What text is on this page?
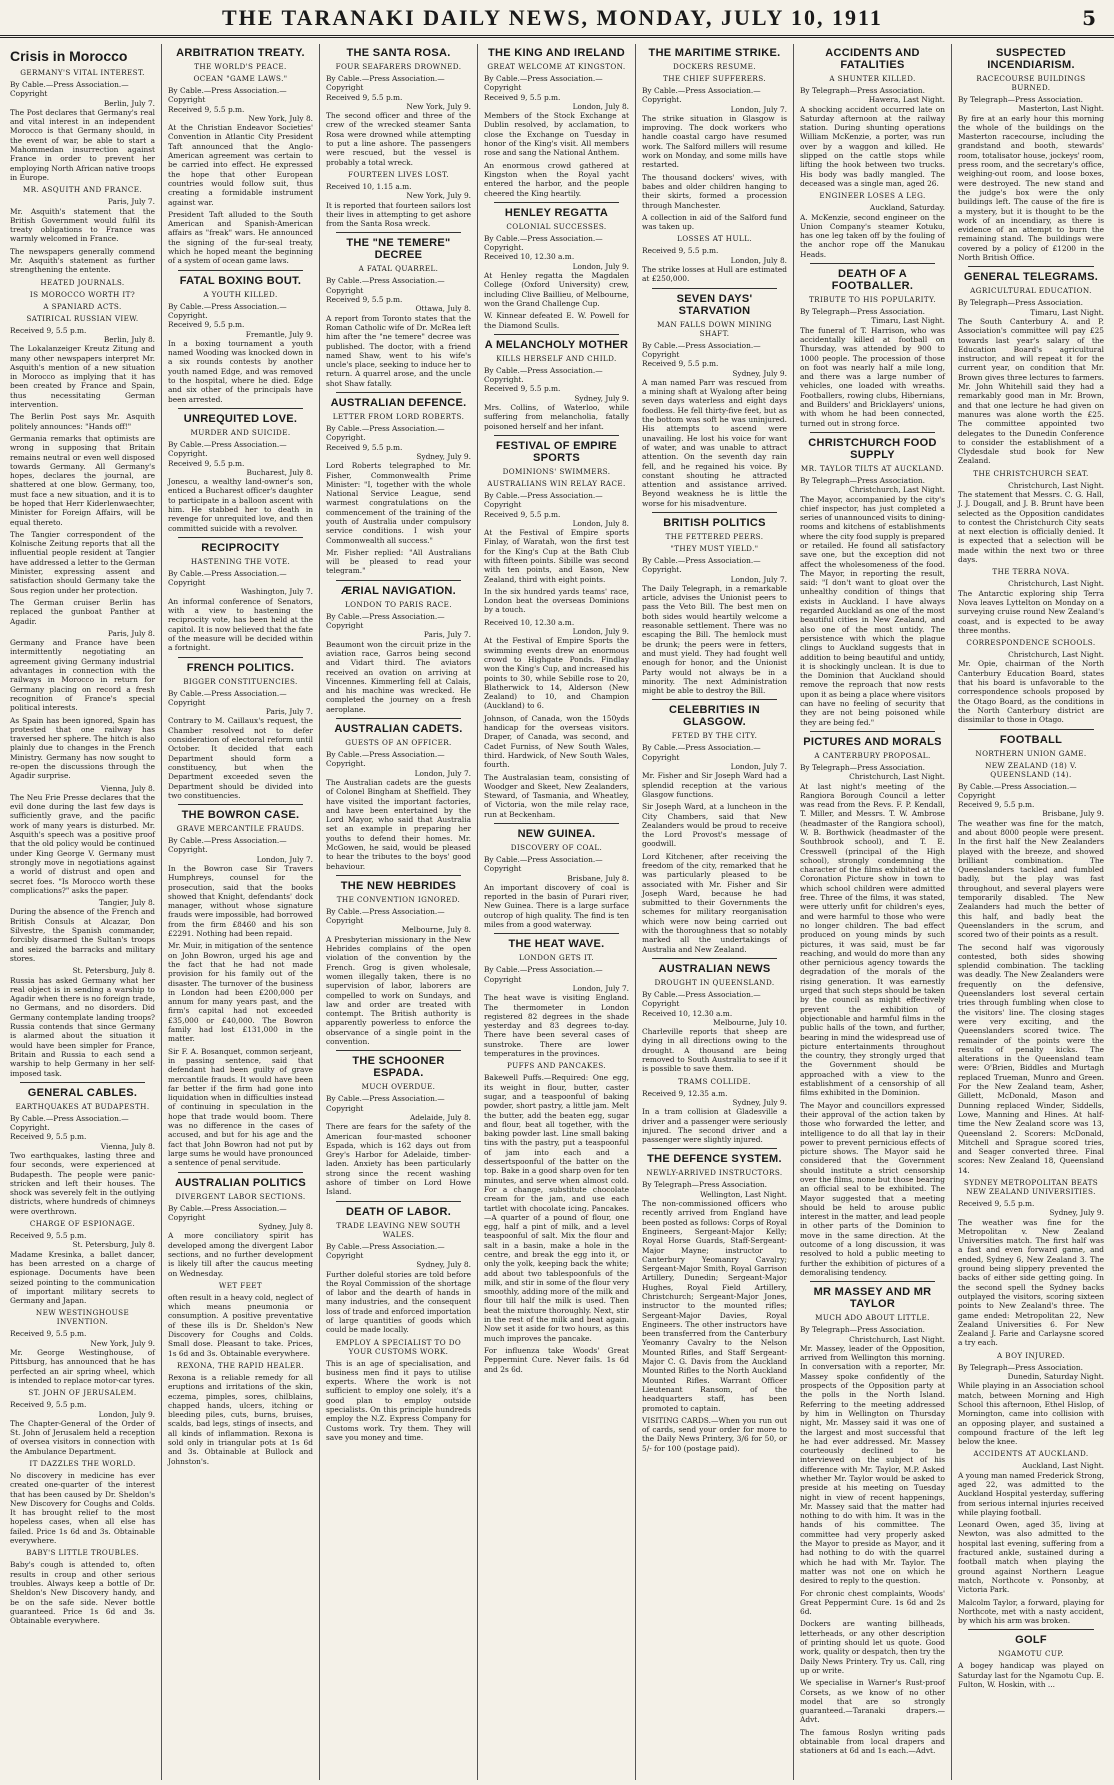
THE TARANAKI DAILY NEWS, MONDAY, JULY 10, 1911	5
Crisis in Morocco
GERMANY'S VITAL INTEREST.
By Cable.—Press Association.—Copyright
Berlin, July 7.
The Post declares that Germany's real and vital interest in an independent Morocco is that Germany should, in the event of war, be able to start a Mahommedan insurrection against France in order to prevent her employing North African native troops in Europe.
MR. ASQUITH AND FRANCE.
Paris, July 7.
Mr. Asquith's statement that the British Government would fulfil its treaty obligations to France was warmly welcomed in France.
The newspapers generally commend Mr. Asquith's statement as further strengthening the entente.
HEATED JOURNALS.
IS MOROCCO WORTH IT?
A SPANIARD ACTS.
SATIRICAL RUSSIAN VIEW.
Received 9, 5.5 p.m.
Berlin, July 8.
The Lokalanzeiger Kreutz Zitung and many other newspapers interpret Mr. Asquith's mention of a new situation in Morocco as implying that it has been created by France and Spain, thus necessitating German intervention.
The Berlin Post says Mr. Asquith politely announces: "Hands off!"
Germania remarks that optimists are wrong in supposing that Britain remains neutral or even well disposed towards Germany. All Germany's hopes, declares the journal, are shattered at one blow. Germany, too, must face a new situation, and it is to be hoped that Herr Kiderlenwaechter, Minister for Foreign Affairs, will be equal thereto.
The Tangier correspondent of the Kolnische Zeitung reports that all the influential people resident at Tangier have addressed a letter to the German Minister, expressing assent and satisfaction should Germany take the Sous region under her protection.
The German cruiser Berlin has replaced the gunboat Panther at Agadir.
Paris, July 8.
Germany and France have been intermittently negotiating an agreement giving Germany industrial advantages in connection with the railways in Morocco in return for Germany placing on record a fresh recognition of France's special political interests.
As Spain has been ignored, Spain has protested that one railway has traversed her sphere. The hitch is also plainly due to changes in the French Ministry. Germany has now sought to re-open the discussions through the Agadir surprise.
Vienna, July 8.
The Neu Frie Presse declares that the evil done during the last few days is sufficiently grave, and the pacific work of many years is disturbed. Mr. Asquith's speech was a positive proof that the old policy would be continued under King George V. Germany must strongly move in negotiations against a world of distrust and open and secret foes. "Is Morocco worth these complications?" asks the paper.
Tangier, July 8.
During the absence of the French and British Consuls at Alcazar, Don Silvestre, the Spanish commander, forcibly disarmed the Sultan's troops and seized the barracks and military stores.
St. Petersburg, July 8.
Russia has asked Germany what her real object is in sending a warship to Agadir when there is no foreign trade, no Germans, and no disorders. Did Germany contemplate landing troops? Russia contends that since Germany is alarmed about the situation it would have been simpler for France, Britain and Russia to each send a warship to help Germany in her self-imposed task.
GENERAL CABLES.
EARTHQUAKES AT BUDAPESTH.
By Cable.—Press Association.—Copyright.
Received 9, 5.5 p.m.
Vienna, July 8.
Two earthquakes, lasting three and four seconds, were experienced at Budapesth. The people were panic-stricken and left their houses. The shock was severely felt in the outlying districts, where hundreds of chimneys were overthrown.
CHARGE OF ESPIONAGE.
Received 9, 5.5 p.m.
St. Petersburg, July 8.
Madame Kresinka, a ballet dancer, has been arrested on a charge of espionage. Documents have been seized pointing to the communication of important military secrets to Germany and Japan.
NEW WESTINGHOUSE INVENTION.
Received 9, 5.5 p.m.
New York, July 9.
Mr. George Westinghouse, of Pittsburg, has announced that he has perfected an air spring wheel, which is intended to replace motor-car tyres.
ST. JOHN OF JERUSALEM.
Received 9, 5.5 p.m.
London, July 9.
The Chapter-General of the Order of St. John of Jerusalem held a reception of oversea visitors in connection with the Ambulance Department.
IT DAZZLES THE WORLD.
No discovery in medicine has ever created one-quarter of the interest that has been caused by Dr. Sheldon's New Discovery for Coughs and Colds. It has brought relief to the most hopeless cases, when all else has failed. Price 1s 6d and 3s. Obtainable everywhere.
BABY'S LITTLE TROUBLES.
Baby's cough is attended to, often results in croup and other serious troubles. Always keep a bottle of Dr. Sheldon's New Discovery handy, and be on the safe side. Never bottle guaranteed. Price 1s 6d and 3s. Obtainable everywhere.
ARBITRATION TREATY.
THE WORLD'S PEACE.
OCEAN "GAME LAWS."
By Cable.—Press Association.—Copyright
Received 9, 5.5 p.m.
New York, July 8.
At the Christian Endeavor Societies' Convention in Atlantic City President Taft announced that the Anglo-American agreement was certain to be carried into effect. He expressed the hope that other European countries would follow suit, thus creating a formidable instrument against war.
President Taft alluded to the South American and Spanish-American affairs as "freak" wars. He announced the signing of the fur-seal treaty, which he hoped meant the beginning of a system of ocean game laws.
FATAL BOXING BOUT.
A YOUTH KILLED.
By Cable.—Press Association.—Copyright.
Received 9, 5.5 p.m.
Fremantle, July 9.
In a boxing tournament a youth named Wooding was knocked down in a six rounds contests by another youth named Edge, and was removed to the hospital, where he died. Edge and six other of the principals have been arrested.
UNREQUITED LOVE.
MURDER AND SUICIDE.
By Cable.—Press Association.—Copyright.
Received 9, 5.5 p.m.
Bucharest, July 8.
Jonescu, a wealthy land-owner's son, enticed a Bucharest officer's daughter to participate in a balloon ascent with him. He stabbed her to death in revenge for unrequited love, and then committed suicide with a revolver.
RECIPROCITY
HASTENING THE VOTE.
By Cable.—Press Association.—Copyright
Washington, July 7.
An informal conference of Senators, with a view to hastening the reciprocity vote, has been held at the capitol. It is now believed that the fate of the measure will be decided within a fortnight.
FRENCH POLITICS.
BIGGER CONSTITUENCIES.
By Cable.—Press Association.—Copyright
Paris, July 7.
Contrary to M. Caillaux's request, the Chamber resolved not to defer consideration of electoral reform until October. It decided that each Department should form a constituency, but when the Department exceeded seven the Department should be divided into two constituencies.
THE BOWRON CASE.
GRAVE MERCANTILE FRAUDS.
By Cable.—Press Association.—Copyright.
London, July 7.
In the Bowron case Sir Travers Humphreys, counsel for the prosecution, said that the books showed that Knight, defendants' dock manager, without whose signature frauds were impossible, had borrowed from the firm £8460 and his son £2291. Nothing had been repaid.
Mr. Muir, in mitigation of the sentence on John Bowron, urged his age and the fact that he had not made provision for his family out of the disaster. The turnover of the business in London had been £200,000 per annum for many years past, and the firm's capital had not exceeded £35,000 or £40,000. The Bowron family had lost £131,000 in the matter.
Sir F. A. Bosanquet, common serjeant, in passing sentence, said that defendant had been guilty of grave mercantile frauds. It would have been far better if the firm had gone into liquidation when in difficulties instead of continuing in speculation in the hope that trade would boom. There was no difference in the cases of accused, and but for his age and the fact that John Bowron had not put by large sums he would have pronounced a sentence of penal servitude.
AUSTRALIAN POLITICS
DIVERGENT LABOR SECTIONS.
By Cable.—Press Association.—Copyright
Sydney, July 8.
A more conciliatory spirit has developed among the divergent Labor sections, and no further development is likely till after the caucus meeting on Wednesday.
WET FEET
often result in a heavy cold, neglect of which means pneumonia or consumption. A positive preventative of these ills is Dr. Sheldon's New Discovery for Coughs and Colds. Small dose. Pleasant to take. Prices, 1s 6d and 3s. Obtainable everywhere.
REXONA, THE RAPID HEALER.
Rexona is a reliable remedy for all eruptions and irritations of the skin, eczema, pimples, sores, chilblains, chapped hands, ulcers, itching or bleeding piles, cuts, burns, bruises, scalds, bad legs, stings of insects, and all kinds of inflammation. Rexona is sold only in triangular pots at 1s 6d and 3s. Obtainable at Bullock and Johnston's.
THE SANTA ROSA.
FOUR SEAFARERS DROWNED.
By Cable.—Press Association.—Copyright
Received 9, 5.5 p.m.
New York, July 9.
The second officer and three of the crew of the wrecked steamer Santa Rosa were drowned while attempting to put a line ashore. The passengers were rescued, but the vessel is probably a total wreck.
FOURTEEN LIVES LOST.
Received 10, 1.15 a.m.
New York, July 9.
It is reported that fourteen sailors lost their lives in attempting to get ashore from the Santa Rosa wreck.
THE "NE TEMERE" DECREE
A FATAL QUARREL.
By Cable.—Press Association.—Copyright
Received 9, 5.5 p.m.
Ottawa, July 8.
A report from Toronto states that the Roman Catholic wife of Dr. McRea left him after the "ne temere" decree was published. The doctor, with a friend named Shaw, went to his wife's uncle's place, seeking to induce her to return. A quarrel arose, and the uncle shot Shaw fatally.
AUSTRALIAN DEFENCE.
LETTER FROM LORD ROBERTS.
By Cable.—Press Association.—Copyright.
Received 9, 5.5 p.m.
Sydney, July 9.
Lord Roberts telegraphed to Mr. Fisher, Commonwealth Prime Minister: "I, together with the whole National Service League, send warmest congratulations on the commencement of the training of the youth of Australia under compulsory service conditions. I wish your Commonwealth all success."
Mr. Fisher replied: "All Australians will be pleased to read your telegram."
ÆRIAL NAVIGATION.
LONDON TO PARIS RACE.
By Cable.—Press Association.—Copyright
Paris, July 7.
Beaumont won the circuit prize in the aviation race, Garros being second and Vidart third. The aviators received an ovation on arriving at Vincennes. Kimmerling fell at Calais, and his machine was wrecked. He completed the journey on a fresh aeroplane.
AUSTRALIAN CADETS.
GUESTS OF AN OFFICER.
By Cable.—Press Association.—Copyright.
London, July 7.
The Australian cadets are the guests of Colonel Bingham at Sheffield. They have visited the important factories, and have been entertained by the Lord Mayor, who said that Australia set an example in preparing her youths to defend their homes. Mr. McGowen, he said, would be pleased to hear the tributes to the boys' good behaviour.
THE NEW HEBRIDES
THE CONVENTION IGNORED.
By Cable.—Press Association.—Copyright
Melbourne, July 8.
A Presbyterian missionary in the New Hebrides complains of the open violation of the convention by the French. Grog is given wholesale, women illegally taken, there is no supervision of labor, laborers are compelled to work on Sundays, and law and order are treated with contempt. The British authority is apparently powerless to enforce the observance of a single point in the convention.
THE SCHOONER ESPADA.
MUCH OVERDUE.
By Cable.—Press Association.—Copyright
Adelaide, July 8.
There are fears for the safety of the American four-masted schooner Espada, which is 162 days out from Grey's Harbor for Adelaide, timber-laden. Anxiety has been particularly strong since the recent washing ashore of timber on Lord Howe Island.
DEATH OF LABOR.
TRADE LEAVING NEW SOUTH WALES.
By Cable.—Press Association.—Copyright
Sydney, July 8.
Further doleful stories are told before the Royal Commission of the shortage of labor and the dearth of hands in many industries, and the consequent loss of trade and enforced importation of large quantities of goods which could be made locally.
EMPLOY A SPECIALIST TO DO YOUR CUSTOMS WORK.
This is an age of specialisation, and business men find it pays to utilise experts. Where the work is not sufficient to employ one solely, it's a good plan to employ outside specialists. On this principle hundreds employ the N.Z. Express Company for Customs work. Try them. They will save you money and time.
THE KING AND IRELAND
GREAT WELCOME AT KINGSTON.
By Cable.—Press Association.—Copyright
Received 9, 5.5 p.m.
London, July 8.
Members of the Stock Exchange at Dublin resolved, by acclamation, to close the Exchange on Tuesday in honor of the King's visit. All members rose and sang the National Anthem.
An enormous crowd gathered at Kingston when the Royal yacht entered the harbor, and the people cheered the King heartily.
HENLEY REGATTA
COLONIAL SUCCESSES.
By Cable.—Press Association.—Copyright.
Received 10, 12.30 a.m.
London, July 9.
At Henley regatta the Magdalen College (Oxford University) crew, including Clive Baillieu, of Melbourne, won the Grand Challenge Cup.
W. Kinnear defeated E. W. Powell for the Diamond Sculls.
A MELANCHOLY MOTHER
KILLS HERSELF AND CHILD.
By Cable.—Press Association.—Copyright.
Received 9, 5.5 p.m.
Sydney, July 9.
Mrs. Collins, of Waterloo, while suffering from melancholia, fatally poisoned herself and her infant.
FESTIVAL OF EMPIRE SPORTS
DOMINIONS' SWIMMERS.
AUSTRALIANS WIN RELAY RACE.
By Cable.—Press Association.—Copyright
Received 9, 5.5 p.m.
London, July 8.
At the Festival of Empire sports Finlay, of Waratah, won the first test for the King's Cup at the Bath Club with fifteen points. Sibille was second with ten points, and Eason, New Zealand, third with eight points.
In the six hundred yards teams' race, London beat the overseas Dominions by a touch.
Received 10, 12.30 a.m.
London, July 9.
At the Festival of Empire Sports the swimming events drew an enormous crowd to Highgate Ponds. Findlay won the King's Cup, and increased his points to 30, while Sebille rose to 20, Blatherwick to 14, Alderson (New Zealand) to 10, and Champion (Auckland) to 6.
Johnson, of Canada, won the 150yds handicap for the overseas visitors. Draper, of Canada, was second, and Cadet Furniss, of New South Wales, third. Hardwick, of New South Wales, fourth.
The Australasian team, consisting of Woodger and Skeet, New Zealanders, Steward, of Tasmania, and Wheatley, of Victoria, won the mile relay race, run at Beckenham.
NEW GUINEA.
DISCOVERY OF COAL.
By Cable.—Press Association.—Copyright
Brisbane, July 8.
An important discovery of coal is reported in the basin of Purari river, New Guinea. There is a large surface outcrop of high quality. The find is ten miles from a good waterway.
THE HEAT WAVE.
LONDON GETS IT.
By Cable.—Press Association.—Copyright
London, July 7.
The heat wave is visiting England. The thermometer in London registered 82 degrees in the shade yesterday and 83 degrees to-day. There have been several cases of sunstroke. There are lower temperatures in the provinces.
PUFFS AND PANCAKES.
Bakewell Puffs.—Required: One egg, its weight in flour, butter, caster sugar, and a teaspoonful of baking powder, short pastry, a little jam. Melt the butter, add the beaten egg, sugar and flour, beat all together, with the baking powder last. Line small baking tins with the pastry, put a teaspoonful of jam into each and a dessertspoonful of the batter on the top. Bake in a good sharp oven for ten minutes, and serve when almost cold. For a change, substitute chocolate cream for the jam, and use each tartlet with chocolate icing. Pancakes.—A quarter of a pound of flour, one egg, half a pint of milk, and a level teaspoonful of salt. Mix the flour and salt in a basin, make a hole in the centre, and break the egg into it, or only the yolk, keeping back the white; add about two tablespoonfuls of the milk, and stir in some of the flour very smoothly, adding more of the milk and flour till half the milk is used. Then beat the mixture thoroughly. Next, stir in the rest of the milk and beat again. Now set it aside for two hours, as this much improves the pancake.
For influenza take Woods' Great Peppermint Cure. Never fails. 1s 6d and 2s 6d.
THE MARITIME STRIKE.
DOCKERS RESUME.
THE CHIEF SUFFERERS.
By Cable.—Press Association.—Copyright.
London, July 7.
The strike situation in Glasgow is improving. The dock workers who handle coastal cargo have resumed work. The Salford millers will resume work on Monday, and some mills have restarted.
The thousand dockers' wives, with babes and older children hanging to their skirts, formed a procession through Manchester.
A collection in aid of the Salford fund was taken up.
LOSSES AT HULL.
Received 9, 5.5 p.m.
London, July 8.
The strike losses at Hull are estimated at £250,000.
SEVEN DAYS' STARVATION
MAN FALLS DOWN MINING SHAFT.
By Cable.—Press Association.—Copyright
Received 9, 5.5 p.m.
Sydney, July 9.
A man named Parr was rescued from a mining shaft at Wyalong after being seven days waterless and eight days foodless. He fell thirty-five feet, but as the bottom was soft he was uninjured. His attempts to ascend were unavailing. He lost his voice for want of water, and was unable to attract attention. On the seventh day rain fell, and he regained his voice. By constant shouting he attracted attention and assistance arrived. Beyond weakness he is little the worse for his misadventure.
BRITISH POLITICS
THE FETTERED PEERS.
"THEY MUST YIELD."
By Cable.—Press Association.—Copyright.
London, July 7.
The Daily Telegraph, in a remarkable article, advises the Unionist peers to pass the Veto Bill. The best men on both sides would heartily welcome a reasonable settlement. There was no escaping the Bill. The hemlock must be drunk; the peers were in fetters, and must yield. They had fought well enough for honor, and the Unionist Party would not always be in a minority. The next Administration might be able to destroy the Bill.
CELEBRITIES IN GLASGOW.
FETED BY THE CITY.
By Cable.—Press Association.—Copyright
London, July 7.
Mr. Fisher and Sir Joseph Ward had a splendid reception at the various Glasgow functions.
Sir Joseph Ward, at a luncheon in the City Chambers, said that New Zealanders would be proud to receive the Lord Provost's message of goodwill.
Lord Kitchener, after receiving the freedom of the city, remarked that he was particularly pleased to be associated with Mr. Fisher and Sir Joseph Ward, because he had submitted to their Governments the schemes for military reorganisation which were now being carried out with the thoroughness that so notably marked all the undertakings of Australia and New Zealand.
AUSTRALIAN NEWS
DROUGHT IN QUEENSLAND.
By Cable.—Press Association.—Copyright
Received 10, 12.30 a.m.
Melbourne, July 10.
Charleville reports that sheep are dying in all directions owing to the drought. A thousand are being removed to South Australia to see if it is possible to save them.
TRAMS COLLIDE.
Received 9, 12.35 a.m.
Sydney, July 9.
In a tram collision at Gladesville a driver and a passenger were seriously injured. The second driver and a passenger were slightly injured.
THE DEFENCE SYSTEM.
NEWLY-ARRIVED INSTRUCTORS.
By Telegraph—Press Association.
Wellington, Last Night.
The non-commissioned officers who recently arrived from England have been posted as follows: Corps of Royal Engineers, Sergeant-Major Kelly; Royal Horse Guards, Staff-Sergeant-Major Mayne; instructor to Canterbury Yeomanry Cavalry; Sergeant-Major Smith, Royal Garrison Artillery, Dunedin; Sergeant-Major Hughes, Royal Field Artillery, Christchurch; Sergeant-Major Jones, instructor to the mounted rifles; Sergeant-Major Davies, Royal Engineers. The other instructors have been transferred from the Canterbury Yeomanry Cavalry to the Nelson Mounted Rifles, and Staff Sergeant-Major C. G. Davis from the Auckland Mounted Rifles to the North Auckland Mounted Rifles. Warrant Officer Lieutenant Ransom, of the headquarters staff, has been promoted to captain.
VISITING CARDS.—When you run out of cards, send your order for more to the Daily News Printery, 3/6 for 50, or 5/- for 100 (postage paid).
ACCIDENTS AND FATALITIES
A SHUNTER KILLED.
By Telegraph—Press Association.
Hawera, Last Night.
A shocking accident occurred late on Saturday afternoon at the railway station. During shunting operations William McKenzie, a porter, was run over by a waggon and killed. He slipped on the cattle stops while lifting the hook between two trucks. His body was badly mangled. The deceased was a single man, aged 26.
ENGINEER LOSES A LEG.
Auckland, Saturday.
A. McKenzie, second engineer on the Union Company's steamer Kotuku, has one leg taken off by the fouling of the anchor rope off the Manukau Heads.
DEATH OF A FOOTBALLER.
TRIBUTE TO HIS POPULARITY.
By Telegraph—Press Association.
Timaru, Last Night.
The funeral of T. Harrison, who was accidentally killed at football on Thursday, was attended by 900 to 1000 people. The procession of those on foot was nearly half a mile long, and there was a large number of vehicles, one loaded with wreaths. Footballers, rowing clubs, Hibernians, and Builders' and Bricklayers' unions, with whom he had been connected, turned out in strong force.
CHRISTCHURCH FOOD SUPPLY
MR. TAYLOR TILTS AT AUCKLAND.
By Telegraph—Press Association.
Christchurch, Last Night.
The Mayor, accompanied by the city's chief inspector, has just completed a series of unannounced visits to dining-rooms and kitchens of establishments where the city food supply is prepared or retailed. He found all satisfactory save one, but the exception did not affect the wholesomeness of the food. The Mayor, in reporting the result, said: "I don't want to gloat over the unhealthy condition of things that exists in Auckland. I have always regarded Auckland as one of the most beautiful cities in New Zealand, and also one of the most untidy. The persistence with which the plague clings to Auckland suggests that in addition to being beautiful and untidy, it is shockingly unclean. It is due to the Dominion that Auckland should remove the reproach that now rests upon it as being a place where visitors can have no feeling of security that they are not being poisoned while they are being fed."
PICTURES AND MORALS
A CANTERBURY PROPOSAL.
By Telegraph—Press Association.
Christchurch, Last Night.
At last night's meeting of the Rangiora Borough Council a letter was read from the Revs. F. P. Kendall, T. Miller, and Messrs. T. W. Ambrose (headmaster of the Rangiora school), W. B. Borthwick (headmaster of the Southbrook school), and T. E. Cresswell (principal of the High school), strongly condemning the character of the films exhibited at the Coronation Picture show in town to which school children were admitted free. Three of the films, it was stated, were utterly unfit for children's eyes, and were harmful to those who were no longer children. The bad effect produced on young minds by such pictures, it was said, must be far reaching, and would do more than any other pernicious agency towards the degradation of the morals of the rising generation. It was earnestly urged that such steps should be taken by the council as might effectively prevent the exhibition of objectionable and harmful films in the public halls of the town, and further, bearing in mind the widespread use of picture entertainments throughout the country, they strongly urged that the Government should be approached with a view to the establishment of a censorship of all films exhibited in the Dominion.
The Mayor and councillors expressed their approval of the action taken by those who forwarded the letter, and intelligence to do all that lay in their power to prevent pernicious effects of picture shows. The Mayor said he considered that the Government should institute a strict censorship over the films, none but those bearing an official seal to be exhibited. The Mayor suggested that a meeting should be held to arouse public interest in the matter, and lead people in other parts of the Dominion to move in the same direction. At the outcome of a long discussion, it was resolved to hold a public meeting to further the exhibition of pictures of a demoralising tendency.
MR MASSEY AND MR TAYLOR
MUCH ADO ABOUT LITTLE.
By Telegraph—Press Association.
Christchurch, Last Night.
Mr. Massey, leader of the Opposition, arrived from Wellington this morning. In conversation with a reporter, Mr. Massey spoke confidently of the prospects of the Opposition party at the polls in the North Island. Referring to the meeting addressed by him in Wellington on Thursday night, Mr. Massey said it was one of the largest and most successful that he had ever addressed. Mr. Massey courteously declined to be interviewed on the subject of his difference with Mr. Taylor, M.P. Asked whether Mr. Taylor would be asked to preside at his meeting on Tuesday night in view of recent happenings, Mr. Massey said that the matter had nothing to do with him. It was in the hands of his committee. The committee had very properly asked the Mayor to preside as Mayor, and it had nothing to do with the quarrel which he had with Mr. Taylor. The matter was not one on which he desired to reply to the question.
For chronic chest complaints, Woods' Great Peppermint Cure. 1s 6d and 2s 6d.
Dockers are wanting billheads, letterheads, or any other description of printing should let us quote. Good work, quality or despatch, then try the Daily News Printery. Try us. Call, ring up or write.
We specialise in Warner's Rust-proof Corsets, as we know of no other model that are so strongly guaranteed.—Taranaki drapers.—Advt.
The famous Roslyn writing pads obtainable from local drapers and stationers at 6d and 1s each.—Advt.
SUSPECTED INCENDIARISM.
RACECOURSE BUILDINGS BURNED.
By Telegraph—Press Association.
Masterton, Last Night.
By fire at an early hour this morning the whole of the buildings on the Masterton racecourse, including the grandstand and booth, stewards' room, totalisator house, jockeys' room, press room, and the secretary's office, weighing-out room, and loose boxes, were destroyed. The new stand and the judge's box were the only buildings left. The cause of the fire is a mystery, but it is thought to be the work of an incendiary, as there is evidence of an attempt to burn the remaining stand. The buildings were covered by a policy of £1200 in the North British Office.
GENERAL TELEGRAMS.
AGRICULTURAL EDUCATION.
By Telegraph—Press Association.
Timaru, Last Night.
The South Canterbury A. and P. Association's committee will pay £25 towards last year's salary of the Education Board's agricultural instructor, and will repeat it for the current year, on condition that Mr. Brown gives three lectures to farmers. Mr. John Whitehill said they had a remarkably good man in Mr. Brown, and that one lecture he had given on manures was alone worth the £25. The committee appointed two delegates to the Dunedin Conference to consider the establishment of a Clydesdale stud book for New Zealand.
THE CHRISTCHURCH SEAT.
Christchurch, Last Night.
The statement that Messrs. C. G. Hall, J. J. Dougall, and J. B. Brunt have been selected as the Opposition candidates to contest the Christchurch City seats at next election is officially denied. It is expected that a selection will be made within the next two or three days.
THE TERRA NOVA.
Christchurch, Last Night.
The Antarctic exploring ship Terra Nova leaves Lyttelton on Monday on a surveying cruise round New Zealand's coast, and is expected to be away three months.
CORRESPONDENCE SCHOOLS.
Christchurch, Last Night.
Mr. Opie, chairman of the North Canterbury Education Board, states that his board is unfavorable to the correspondence schools proposed by the Otago Board, as the conditions in the North Canterbury district are dissimilar to those in Otago.
FOOTBALL
NORTHERN UNION GAME.
NEW ZEALAND (18) V. QUEENSLAND (14).
By Cable.—Press Association.—Copyright
Received 9, 5.5 p.m.
Brisbane, July 9.
The weather was fine for the match, and about 8000 people were present. In the first half the New Zealanders played with the breeze, and showed brilliant combination. The Queenslanders tackled and fumbled badly, but the play was fast throughout, and several players were temporarily disabled. The New Zealanders had much the better of this half, and badly beat the Queenslanders in the scrum, and scored two of their points as a result.
The second half was vigorously contested, both sides showing splendid combination. The tackling was deadly. The New Zealanders were frequently on the defensive, Queenslanders lost several certain tries through fumbling when close to the visitors' line. The closing stages were very exciting, and the Queenslanders scored twice. The remainder of the points were the results of penalty kicks. The alterations in the Queensland team were: O'Brien, Biddles and Murtagh replaced Trueman, Munro and Green. For the New Zealand team, Asher, Gillett, McDonald, Mason and Dunning replaced Winder, Siddells, Lowe, Manning and Hines. At half-time the New Zealand score was 13, Queensland 2. Scorers: McDonald, Mitchell and Sprague scored tries, and Seager converted three. Final scores: New Zealand 18, Queensland 14.
SYDNEY METROPOLITAN BEATS NEW ZEALAND UNIVERSITIES.
Received 9, 5.5 p.m.
Sydney, July 9.
The weather was fine for the Metropolitan v. New Zealand Universities match. The first half was a fast and even forward game, and ended, Sydney 6, New Zealand 3. The ground being slippery prevented the backs of either side getting going. In the second spell the Sydney backs outplayed the visitors, scoring sixteen points to New Zealand's three. The game ended: Metropolitan 22, New Zealand Universities 6. For New Zealand J. Farie and Carlaysne scored a try each.
A BOY INJURED.
By Telegraph—Press Association.
Dunedin, Saturday Night.
While playing in an Association school match, between Morning and High School this afternoon, Ethel Hislop, of Mornington, came into collision with an opposing player, and sustained a compound fracture of the left leg below the knee.
ACCIDENTS AT AUCKLAND.
Auckland, Last Night.
A young man named Frederick Strong, aged 22, was admitted to the Auckland Hospital yesterday, suffering from serious internal injuries received while playing football.
Leonard Owen, aged 35, living at Newton, was also admitted to the hospital last evening, suffering from a fractured ankle, sustained during a football match when playing the ground against Northern League match, Northcote v. Ponsonby, at Victoria Park.
Malcolm Taylor, a forward, playing for Northcote, met with a nasty accident, by which his arm was broken.
GOLF
NGAMOTU CUP.
A bogey handicap was played on Saturday last for the Ngamotu Cup. E. Fulton, W. Hoskin, with ...
